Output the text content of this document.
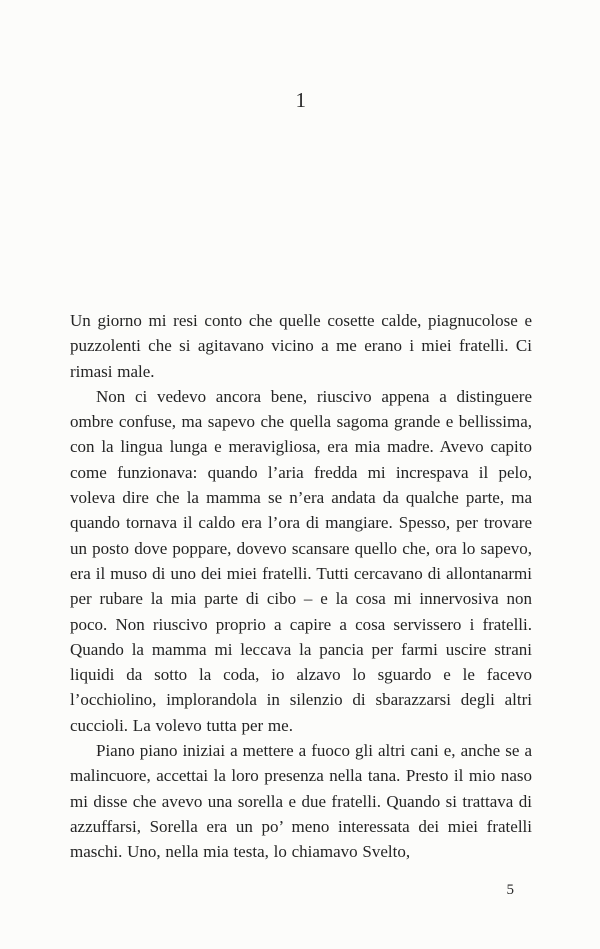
1

Un giorno mi resi conto che quelle cosette calde, piagnucolose e puzzolenti che si agitavano vicino a me erano i miei fratelli. Ci rimasi male.

Non ci vedevo ancora bene, riuscivo appena a distinguere ombre confuse, ma sapevo che quella sagoma grande e bellissima, con la lingua lunga e meravigliosa, era mia madre. Avevo capito come funzionava: quando l’aria fredda mi increspava il pelo, voleva dire che la mamma se n’era andata da qualche parte, ma quando tornava il caldo era l’ora di mangiare. Spesso, per trovare un posto dove poppare, dovevo scansare quello che, ora lo sapevo, era il muso di uno dei miei fratelli. Tutti cercavano di allontanarmi per rubare la mia parte di cibo – e la cosa mi innervosiva non poco. Non riuscivo proprio a capire a cosa servissero i fratelli. Quando la mamma mi leccava la pancia per farmi uscire strani liquidi da sotto la coda, io alzavo lo sguardo e le facevo l’occhiolino, implorandola in silenzio di sbarazzarsi degli altri cuccioli. La volevo tutta per me.

Piano piano iniziai a mettere a fuoco gli altri cani e, anche se a malincuore, accettai la loro presenza nella tana. Presto il mio naso mi disse che avevo una sorella e due fratelli. Quando si trattava di azzuffarsi, Sorella era un po’ meno interessata dei miei fratelli maschi. Uno, nella mia testa, lo chiamavo Svelto,

5
